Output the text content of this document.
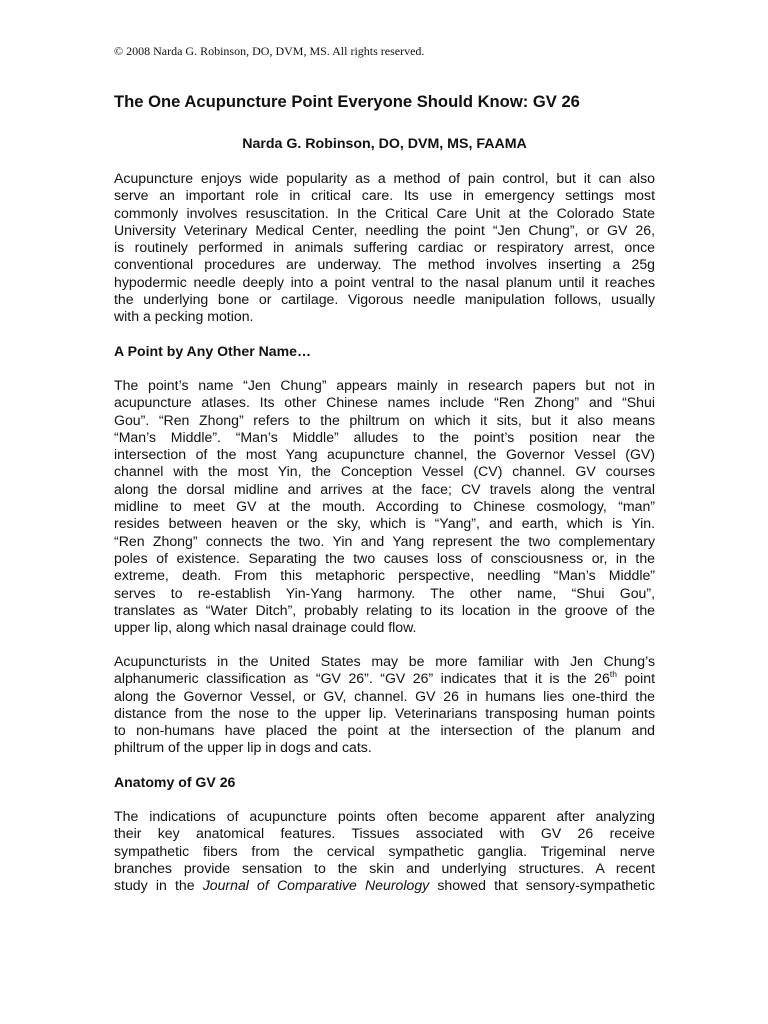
© 2008 Narda G. Robinson, DO, DVM, MS. All rights reserved.
The One Acupuncture Point Everyone Should Know: GV 26
Narda G. Robinson, DO, DVM, MS, FAAMA
Acupuncture enjoys wide popularity as a method of pain control, but it can also
serve an important role in critical care. Its use in emergency settings most
commonly involves resuscitation. In the Critical Care Unit at the Colorado State
University Veterinary Medical Center, needling the point “Jen Chung”, or GV 26,
is routinely performed in animals suffering cardiac or respiratory arrest, once
conventional procedures are underway. The method involves inserting a 25g
hypodermic needle deeply into a point ventral to the nasal planum until it reaches
the underlying bone or cartilage. Vigorous needle manipulation follows, usually
with a pecking motion.
A Point by Any Other Name…
The point’s name “Jen Chung” appears mainly in research papers but not in
acupuncture atlases. Its other Chinese names include “Ren Zhong” and “Shui
Gou”. “Ren Zhong” refers to the philtrum on which it sits, but it also means
“Man’s Middle”. “Man’s Middle” alludes to the point’s position near the
intersection of the most Yang acupuncture channel, the Governor Vessel (GV)
channel with the most Yin, the Conception Vessel (CV) channel. GV courses
along the dorsal midline and arrives at the face; CV travels along the ventral
midline to meet GV at the mouth. According to Chinese cosmology, “man”
resides between heaven or the sky, which is “Yang”, and earth, which is Yin.
“Ren Zhong” connects the two. Yin and Yang represent the two complementary
poles of existence. Separating the two causes loss of consciousness or, in the
extreme, death. From this metaphoric perspective, needling “Man’s Middle”
serves to re-establish Yin-Yang harmony. The other name, “Shui Gou”,
translates as “Water Ditch”, probably relating to its location in the groove of the
upper lip, along which nasal drainage could flow.
Acupuncturists in the United States may be more familiar with Jen Chung’s
alphanumeric classification as “GV 26”. “GV 26” indicates that it is the 26th point
along the Governor Vessel, or GV, channel. GV 26 in humans lies one-third the
distance from the nose to the upper lip. Veterinarians transposing human points
to non-humans have placed the point at the intersection of the planum and
philtrum of the upper lip in dogs and cats.
Anatomy of GV 26
The indications of acupuncture points often become apparent after analyzing
their key anatomical features. Tissues associated with GV 26 receive
sympathetic fibers from the cervical sympathetic ganglia. Trigeminal nerve
branches provide sensation to the skin and underlying structures. A recent
study in the Journal of Comparative Neurology showed that sensory-sympathetic
